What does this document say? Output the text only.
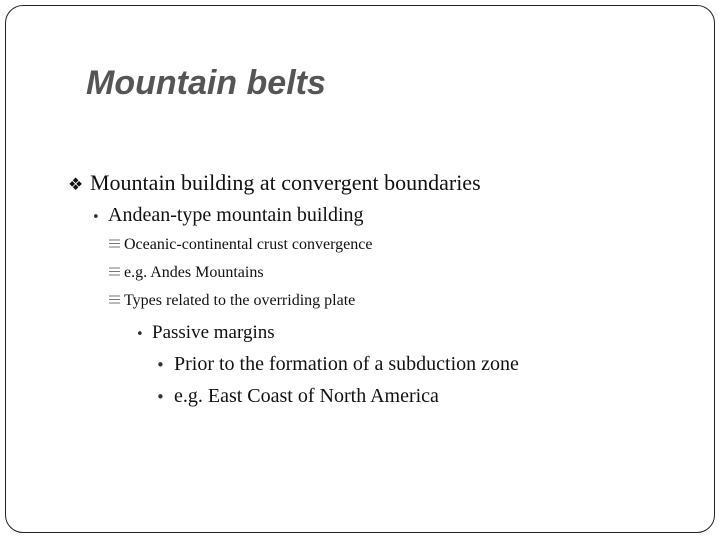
Mountain belts
❖ Mountain building at convergent boundaries
• Andean-type mountain building
Oceanic-continental crust convergence
e.g. Andes Mountains
Types related to the overriding plate
• Passive margins
• Prior to the formation of a subduction zone
• e.g. East Coast of North America
